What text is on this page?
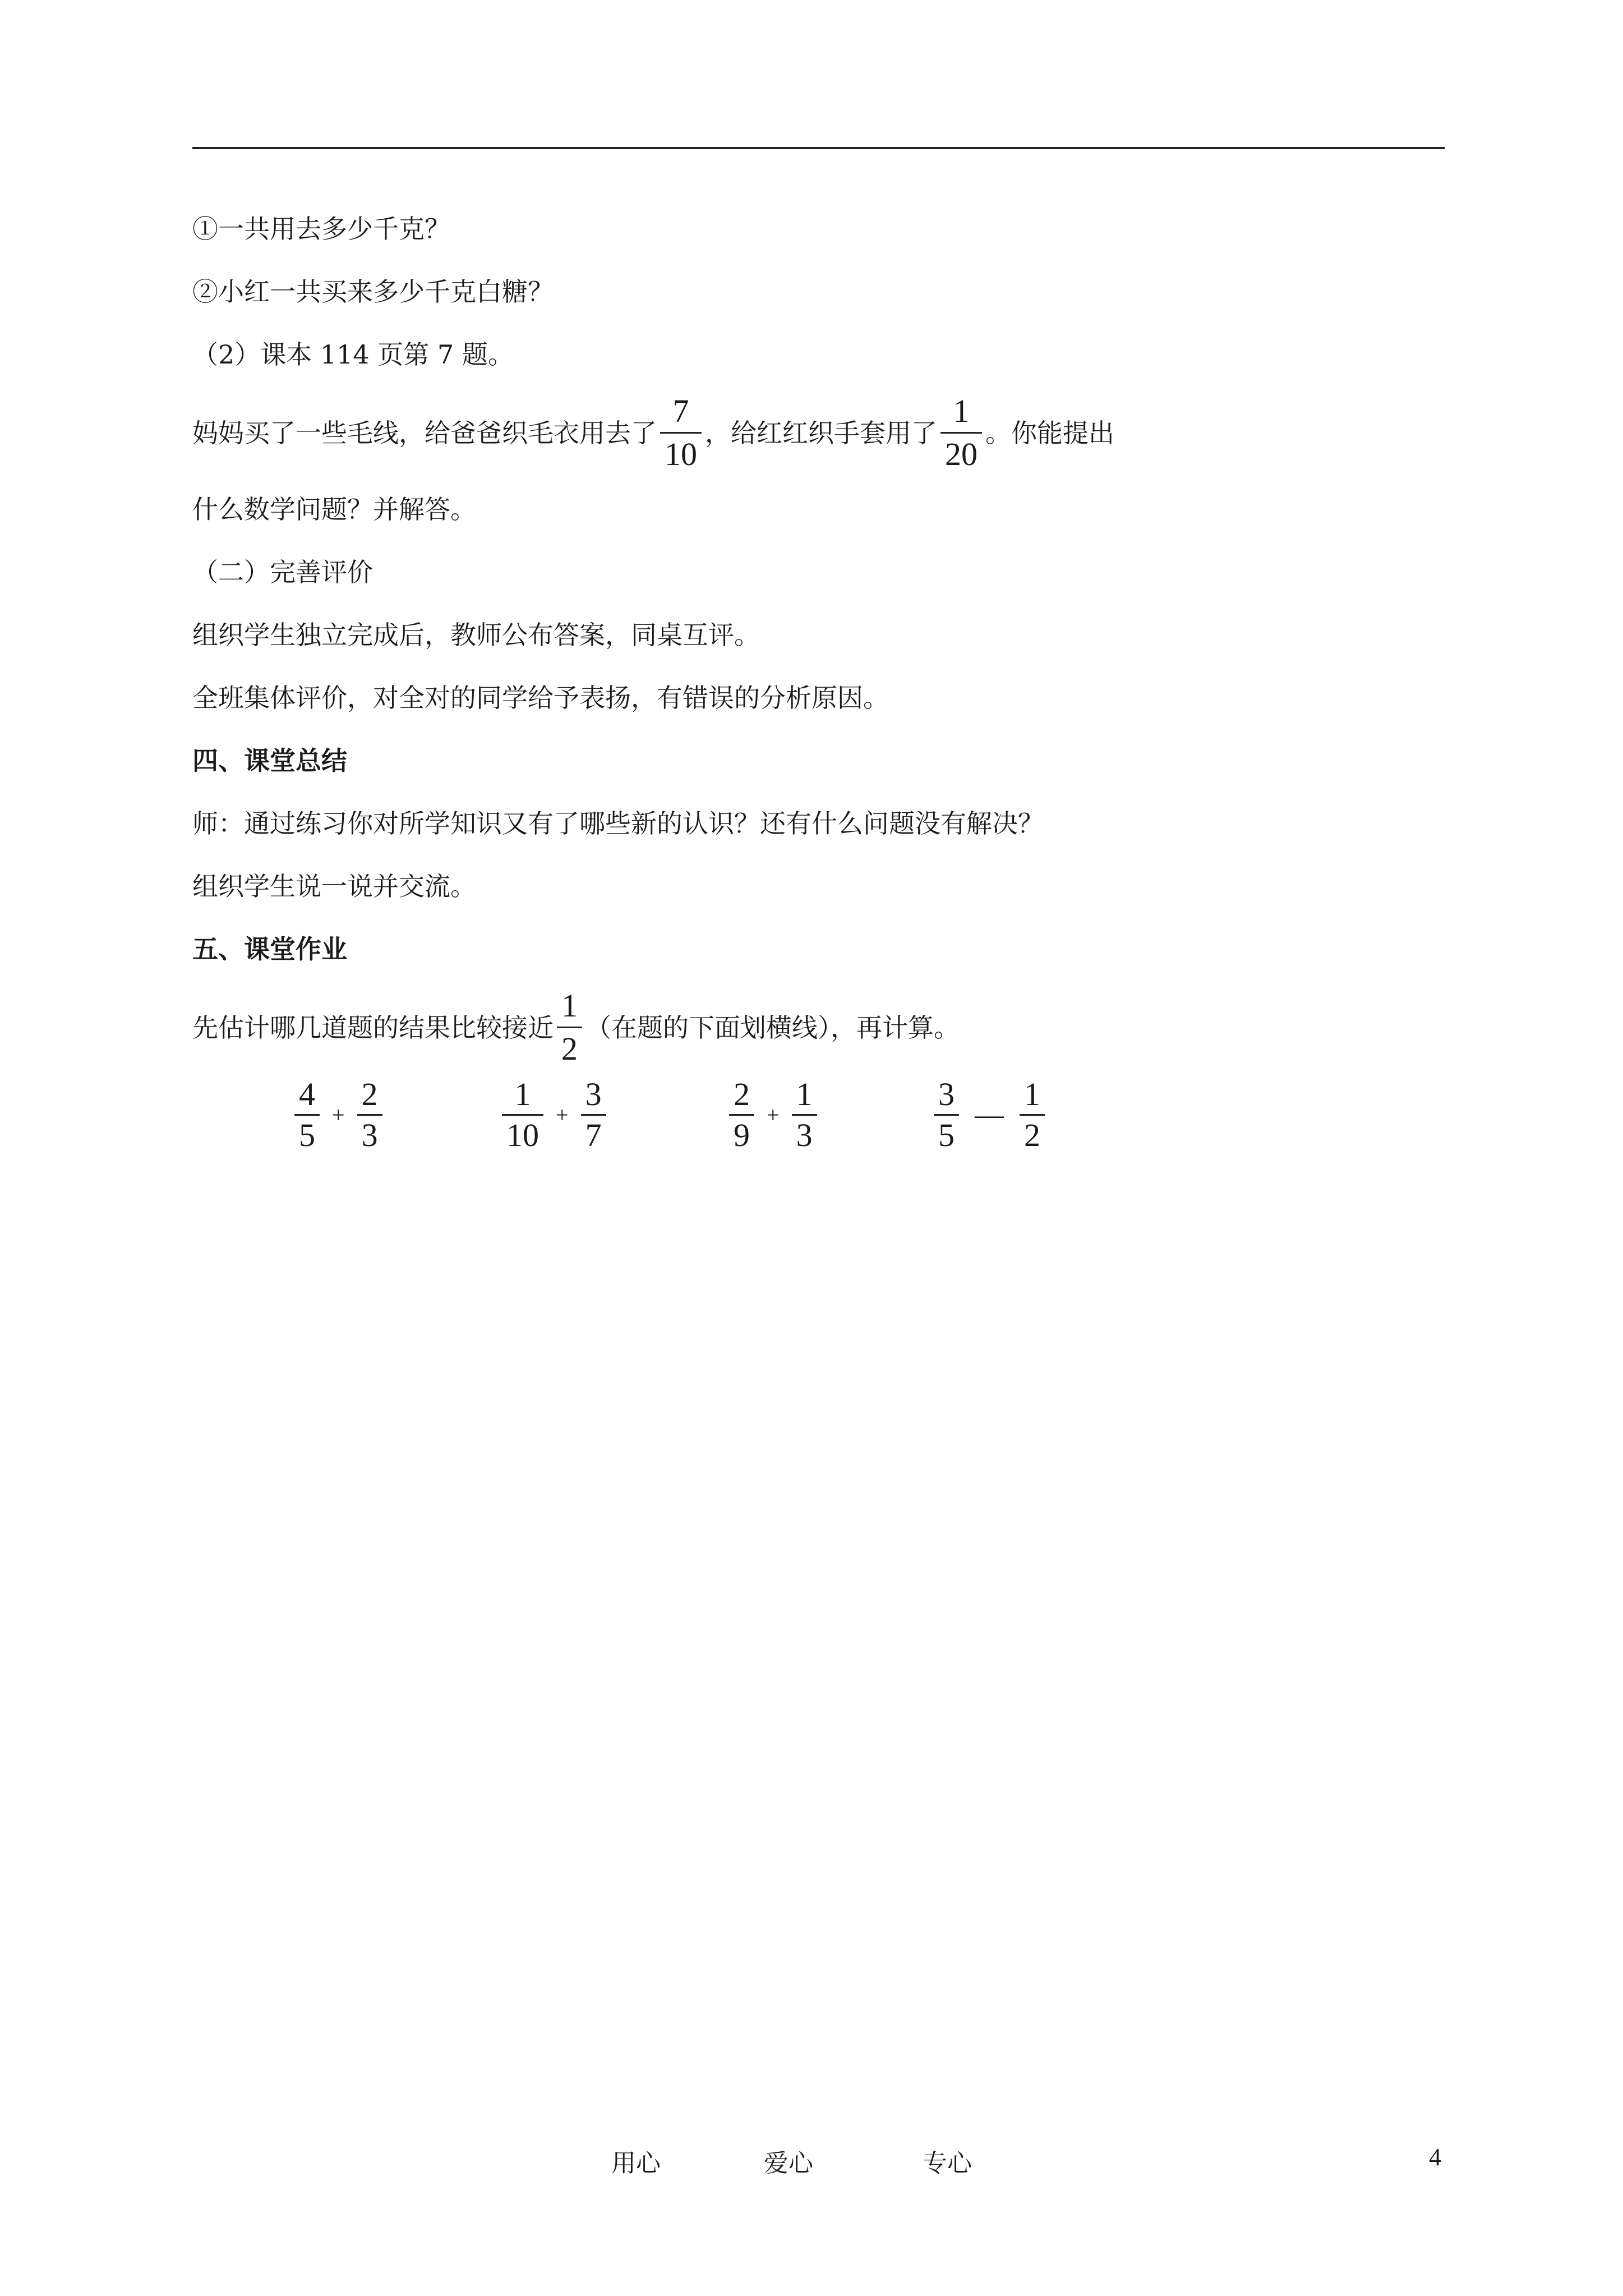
①一共用去多少千克？
②小红一共买来多少千克白糖？
（2）课本 114 页第 7 题。
妈妈买了一些毛线，给爸爸织毛衣用去了 $\frac{7}{10}$ ，给红红织手套用了 $\frac{1}{20}$ 。你能提出
什么数学问题？并解答。
（二）完善评价
组织学生独立完成后，教师公布答案，同桌互评。
全班集体评价，对全对的同学给予表扬，有错误的分析原因。
四、课堂总结
师：通过练习你对所学知识又有了哪些新的认识？还有什么问题没有解决？
组织学生说一说并交流。
五、课堂作业
先估计哪几道题的结果比较接近 $\frac{1}{2}$ （在题的下面划横线），再计算。
$\frac{4}{5} + \frac{2}{3}$	$\frac{1}{10} + \frac{3}{7}$	$\frac{2}{9} + \frac{1}{3}$	$\frac{3}{5}$ — $\frac{1}{2}$
用心	爱心	专心	4
